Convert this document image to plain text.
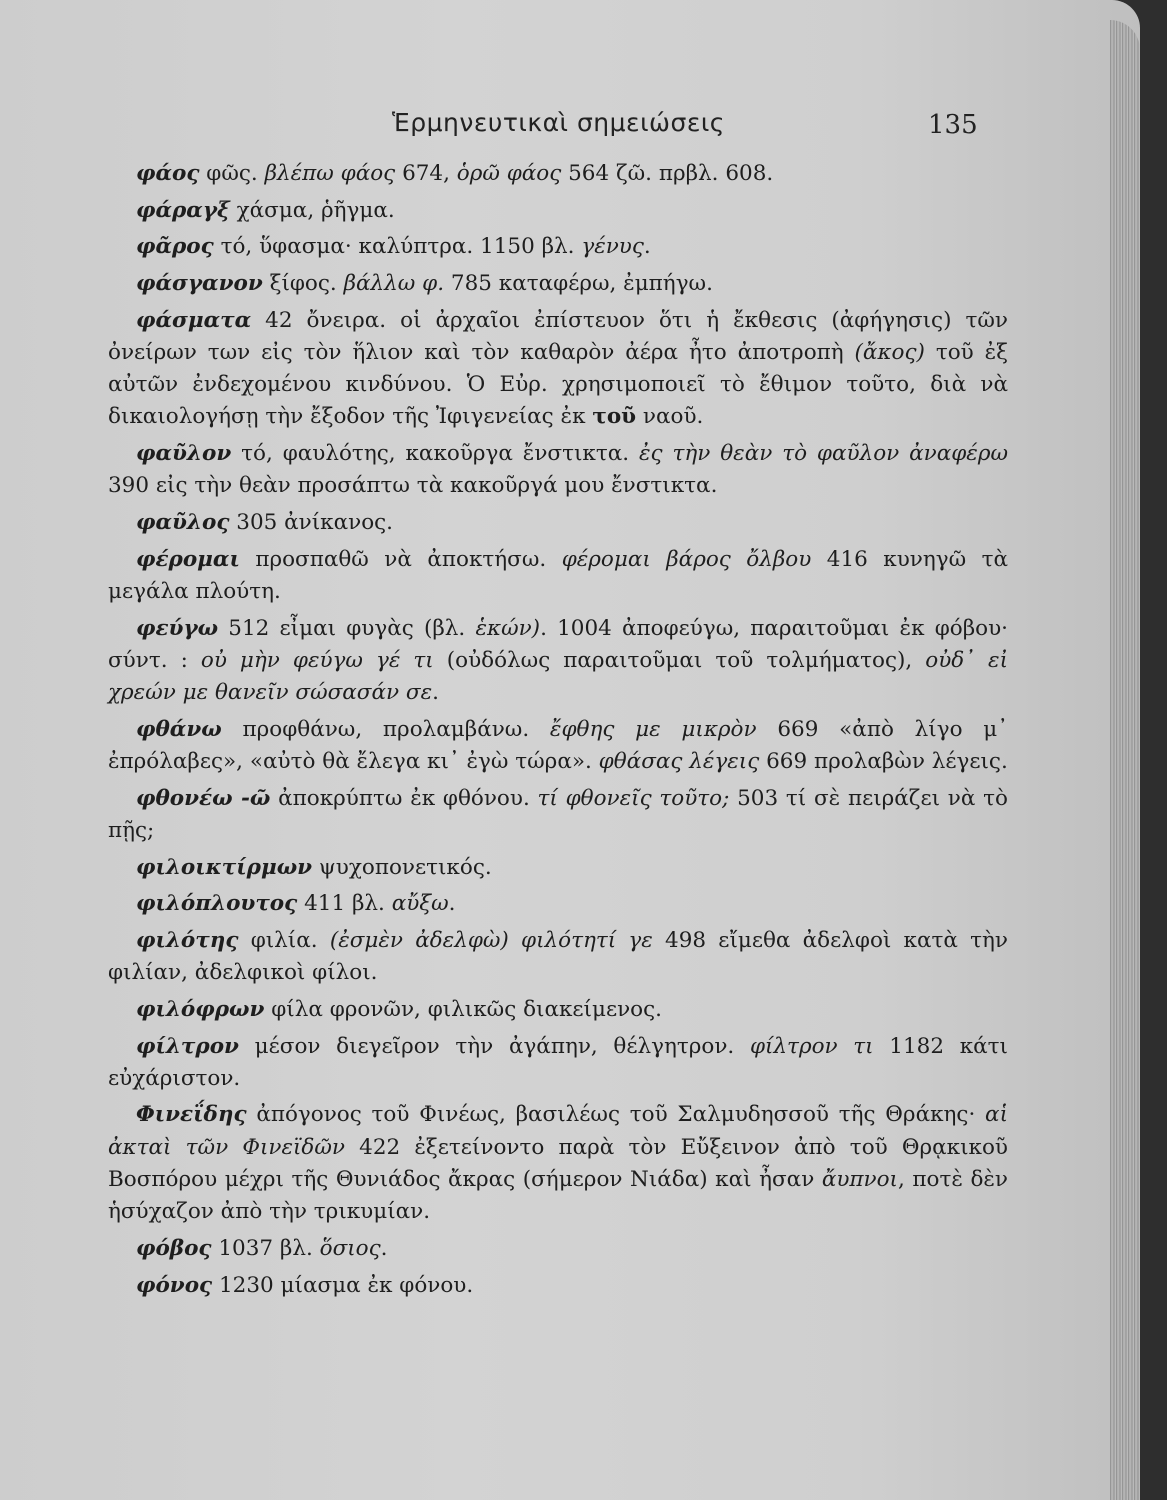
Ἑρμηνευτικαὶ σημειώσεις	135

φάος φῶς. βλέπω φάος 674, ὁρῶ φάος 564 ζῶ. πρβλ. 608.

φάραγξ χάσμα, ῥῆγμα.

φᾶρος τό, ὕφασμα· καλύπτρα. 1150 βλ. γένυς.

φάσγανον ξίφος. βάλλω φ. 785 καταφέρω, ἐμπήγω.

φάσματα 42 ὄνειρα. οἱ ἀρχαῖοι ἐπίστευον ὅτι ἡ ἔκθεσις (ἀφήγησις) τῶν ὀνείρων των εἰς τὸν ἥλιον καὶ τὸν καθαρὸν ἀέρα ἦτο ἀποτροπὴ (ἄκος) τοῦ ἐξ αὐτῶν ἐνδεχομένου κινδύνου. Ὁ Εὐρ. χρησιμοποιεῖ τὸ ἔθιμον τοῦτο, διὰ νὰ δικαιολογήσῃ τὴν ἔξοδον τῆς Ἰφιγενείας ἐκ τοῦ ναοῦ.

φαῦλον τό, φαυλότης, κακοῦργα ἔνστικτα. ἐς τὴν θεὰν τὸ φαῦλον ἀναφέρω 390 εἰς τὴν θεὰν προσάπτω τὰ κακοῦργά μου ἔνστικτα.

φαῦλος 305 ἀνίκανος.

φέρομαι προσπαθῶ νὰ ἀποκτήσω. φέρομαι βάρος ὄλβου 416 κυνηγῶ τὰ μεγάλα πλούτη.

φεύγω 512 εἶμαι φυγὰς (βλ. ἑκών). 1004 ἀποφεύγω, παραιτοῦμαι ἐκ φόβου· σύντ. : οὐ μὴν φεύγω γέ τι (οὐδόλως παραιτοῦμαι τοῦ τολμήματος), οὐδ᾽ εἰ χρεών με θανεῖν σώσασάν σε.

φθάνω προφθάνω, προλαμβάνω. ἔφθης με μικρὸν 669 «ἀπὸ λίγο μ᾽ ἐπρόλαβες», «αὐτὸ θὰ ἔλεγα κι᾽ ἐγὼ τώρα». φθάσας λέγεις 669 προλαβὼν λέγεις.

φθονέω -ῶ ἀποκρύπτω ἐκ φθόνου. τί φθονεῖς τοῦτο; 503 τί σὲ πειράζει νὰ τὸ πῇς;

φιλοικτίρμων ψυχοπονετικός.

φιλόπλουτος 411 βλ. αὔξω.

φιλότης φιλία. (ἐσμὲν ἀδελφὼ) φιλότητί γε 498 εἴμεθα ἀδελφοὶ κατὰ τὴν φιλίαν, ἀδελφικοὶ φίλοι.

φιλόφρων φίλα φρονῶν, φιλικῶς διακείμενος.

φίλτρον μέσον διεγεῖρον τὴν ἀγάπην, θέλγητρον. φίλτρον τι 1182 κάτι εὐχάριστον.

Φινεΐδης ἀπόγονος τοῦ Φινέως, βασιλέως τοῦ Σαλμυδησσοῦ τῆς Θράκης· αἱ ἀκταὶ τῶν Φινεϊδῶν 422 ἐξετείνοντο παρὰ τὸν Εὔξεινον ἀπὸ τοῦ Θρᾳκικοῦ Βοσπόρου μέχρι τῆς Θυνιάδος ἄκρας (σήμερον Νιάδα) καὶ ἦσαν ἄυπνοι, ποτὲ δὲν ἡσύχαζον ἀπὸ τὴν τρικυμίαν.

φόβος 1037 βλ. ὅσιος.

φόνος 1230 μίασμα ἐκ φόνου.
